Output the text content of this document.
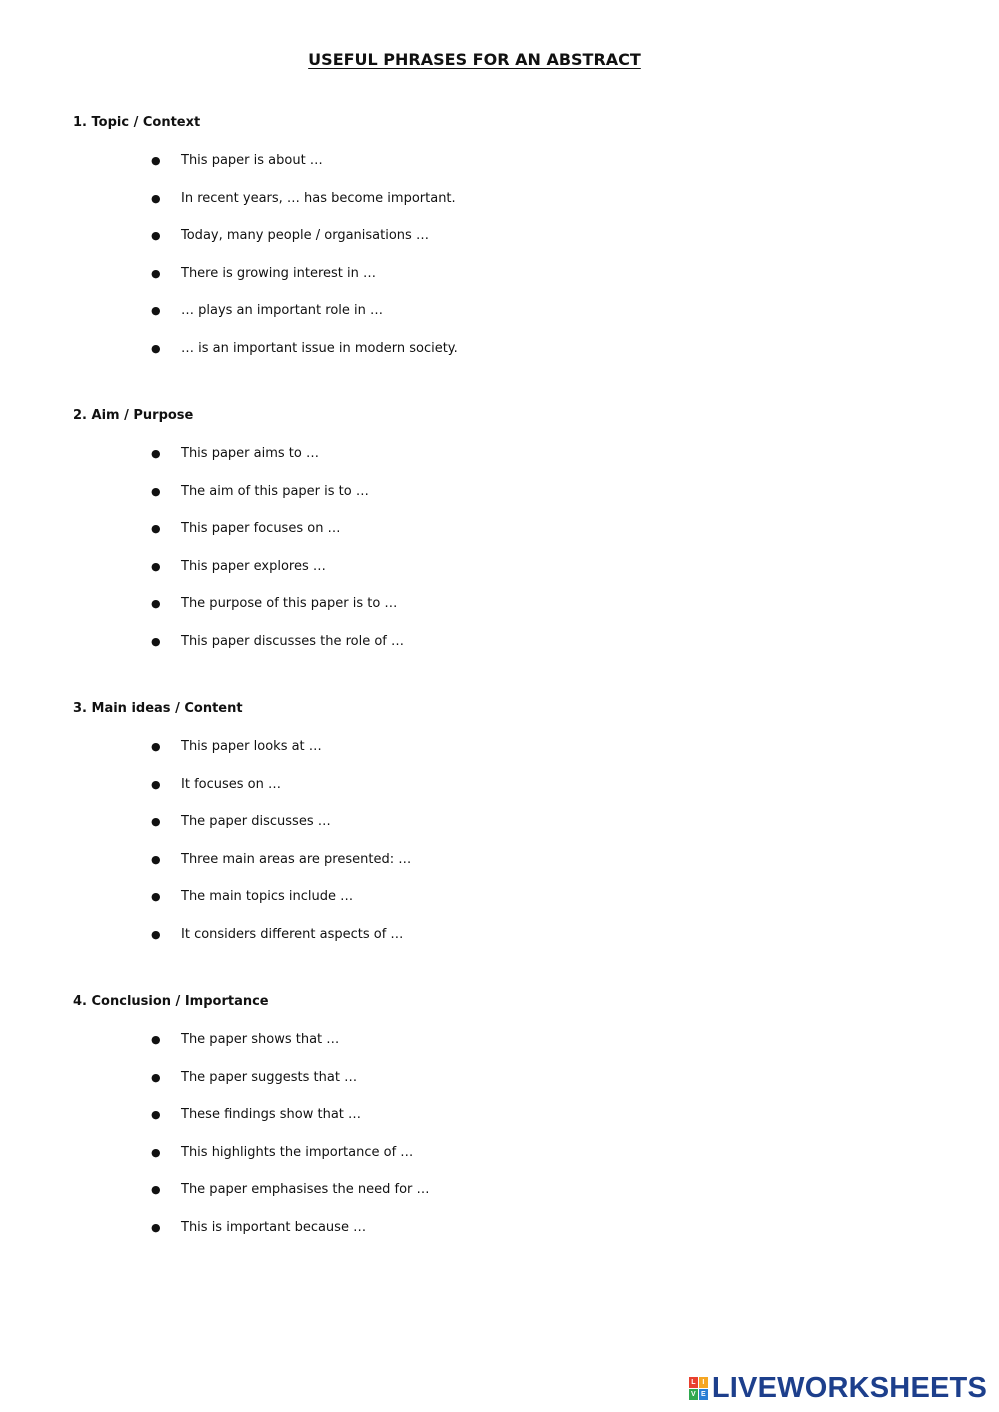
USEFUL PHRASES FOR AN ABSTRACT
1. Topic / Context
● This paper is about …
● In recent years, … has become important.
● Today, many people / organisations …
● There is growing interest in …
● … plays an important role in …
● … is an important issue in modern society.
2. Aim / Purpose
● This paper aims to …
● The aim of this paper is to …
● This paper focuses on …
● This paper explores …
● The purpose of this paper is to …
● This paper discusses the role of …
3. Main ideas / Content
● This paper looks at …
● It focuses on …
● The paper discusses …
● Three main areas are presented: …
● The main topics include …
● It considers different aspects of …
4. Conclusion / Importance
● The paper shows that …
● The paper suggests that …
● These findings show that …
● This highlights the importance of …
● The paper emphasises the need for …
● This is important because …
L I
V E LIVEWORKSHEETS
